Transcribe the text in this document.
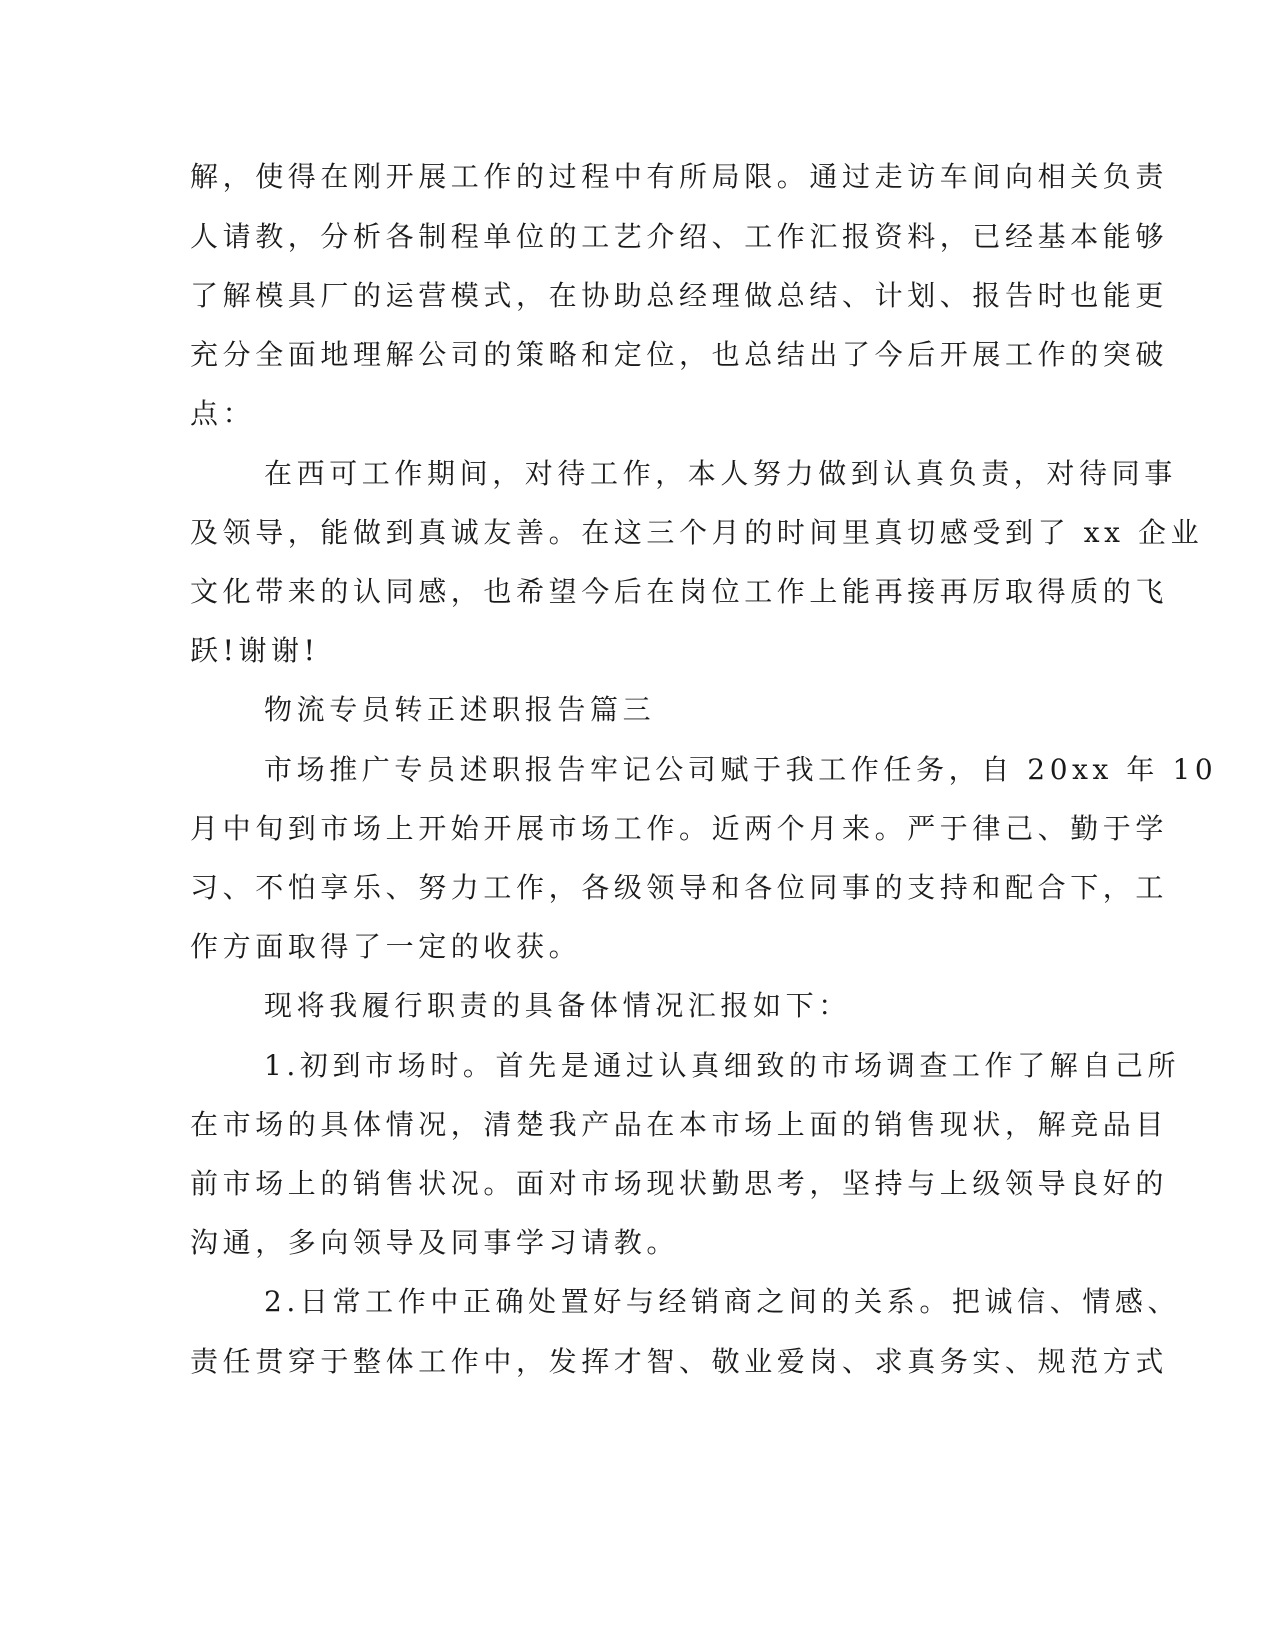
解，使得在刚开展工作的过程中有所局限。通过走访车间向相关负责
人请教，分析各制程单位的工艺介绍、工作汇报资料，已经基本能够
了解模具厂的运营模式，在协助总经理做总结、计划、报告时也能更
充分全面地理解公司的策略和定位，也总结出了今后开展工作的突破
点：
在西可工作期间，对待工作，本人努力做到认真负责，对待同事
及领导，能做到真诚友善。在这三个月的时间里真切感受到了 xx 企业
文化带来的认同感，也希望今后在岗位工作上能再接再厉取得质的飞
跃!谢谢!
物流专员转正述职报告篇三
市场推广专员述职报告牢记公司赋于我工作任务，自 20xx 年 10
月中旬到市场上开始开展市场工作。近两个月来。严于律己、勤于学
习、不怕享乐、努力工作，各级领导和各位同事的支持和配合下，工
作方面取得了一定的收获。
现将我履行职责的具备体情况汇报如下：
1.初到市场时。首先是通过认真细致的市场调查工作了解自己所
在市场的具体情况，清楚我产品在本市场上面的销售现状，解竞品目
前市场上的销售状况。面对市场现状勤思考，坚持与上级领导良好的
沟通，多向领导及同事学习请教。
2.日常工作中正确处置好与经销商之间的关系。把诚信、情感、
责任贯穿于整体工作中，发挥才智、敬业爱岗、求真务实、规范方式
